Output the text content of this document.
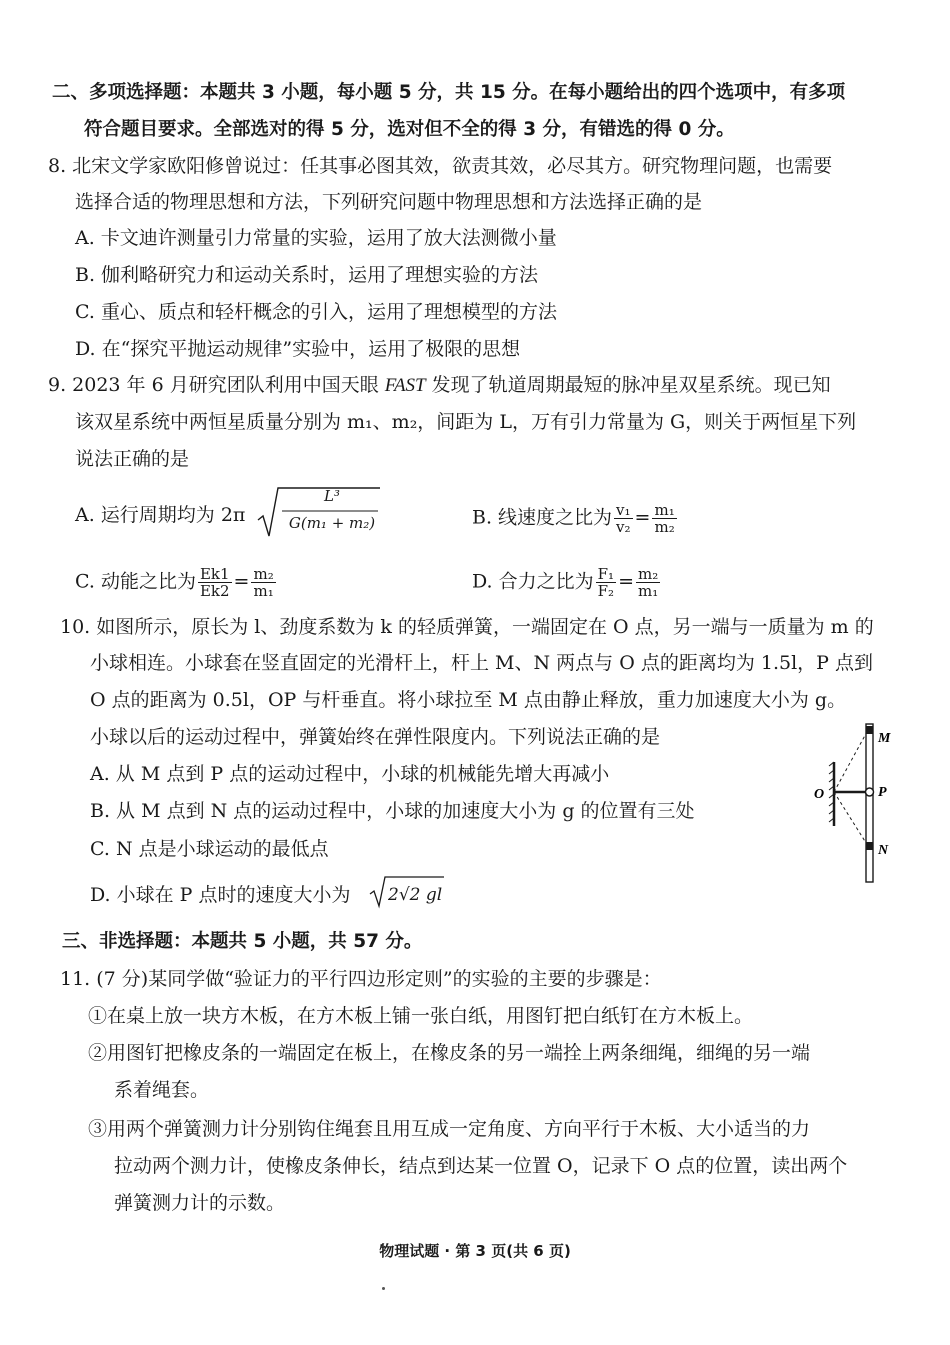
二、多项选择题：本题共 3 小题，每小题 5 分，共 15 分。在每小题给出的四个选项中，有多项
符合题目要求。全部选对的得 5 分，选对但不全的得 3 分，有错选的得 0 分。
8. 北宋文学家欧阳修曾说过：任其事必图其效，欲责其效，必尽其方。研究物理问题，也需要
选择合适的物理思想和方法，下列研究问题中物理思想和方法选择正确的是
A. 卡文迪许测量引力常量的实验，运用了放大法测微小量
B. 伽利略研究力和运动关系时，运用了理想实验的方法
C. 重心、质点和轻杆概念的引入，运用了理想模型的方法
D. 在“探究平抛运动规律”实验中，运用了极限的思想
9. 2023 年 6 月研究团队利用中国天眼 FAST 发现了轨道周期最短的脉冲星双星系统。现已知
该双星系统中两恒星质量分别为 m₁、m₂，间距为 L，万有引力常量为 G，则关于两恒星下列
说法正确的是
A. 运行周期均为 2π
L³
G(m₁ + m₂)	B. 线速度之比为 $\frac{\text{v₁}}{\text{v₂}} = \frac{\text{m₁}}{\text{m₂}}$
C. 动能之比为 $\frac{Ek1}{Ek2} = \frac{\text{m₂}}{\text{m₁}}$	D. 合力之比为 $\frac{\text{F₁}}{\text{F₂}} = \frac{\text{m₂}}{\text{m₁}}$
10. 如图所示，原长为 l、劲度系数为 k 的轻质弹簧，一端固定在 O 点，另一端与一质量为 m 的
小球相连。小球套在竖直固定的光滑杆上，杆上 M、N 两点与 O 点的距离均为 1.5l，P 点到
O 点的距离为 0.5l，OP 与杆垂直。将小球拉至 M 点由静止释放，重力加速度大小为 g。
小球以后的运动过程中，弹簧始终在弹性限度内。下列说法正确的是
A. 从 M 点到 P 点的运动过程中，小球的机械能先增大再减小
B. 从 M 点到 N 点的运动过程中，小球的加速度大小为 g 的位置有三处
C. N 点是小球运动的最低点
D. 小球在 P 点时的速度大小为 2√2 gl
M
O	P
N
三、非选择题：本题共 5 小题，共 57 分。
11. (7 分)某同学做“验证力的平行四边形定则”的实验的主要的步骤是：
①在桌上放一块方木板，在方木板上铺一张白纸，用图钉把白纸钉在方木板上。
②用图钉把橡皮条的一端固定在板上，在橡皮条的另一端拴上两条细绳，细绳的另一端
系着绳套。
③用两个弹簧测力计分别钩住绳套且用互成一定角度、方向平行于木板、大小适当的力
拉动两个测力计，使橡皮条伸长，结点到达某一位置 O，记录下 O 点的位置，读出两个
弹簧测力计的示数。
物理试题 · 第 3 页(共 6 页)
